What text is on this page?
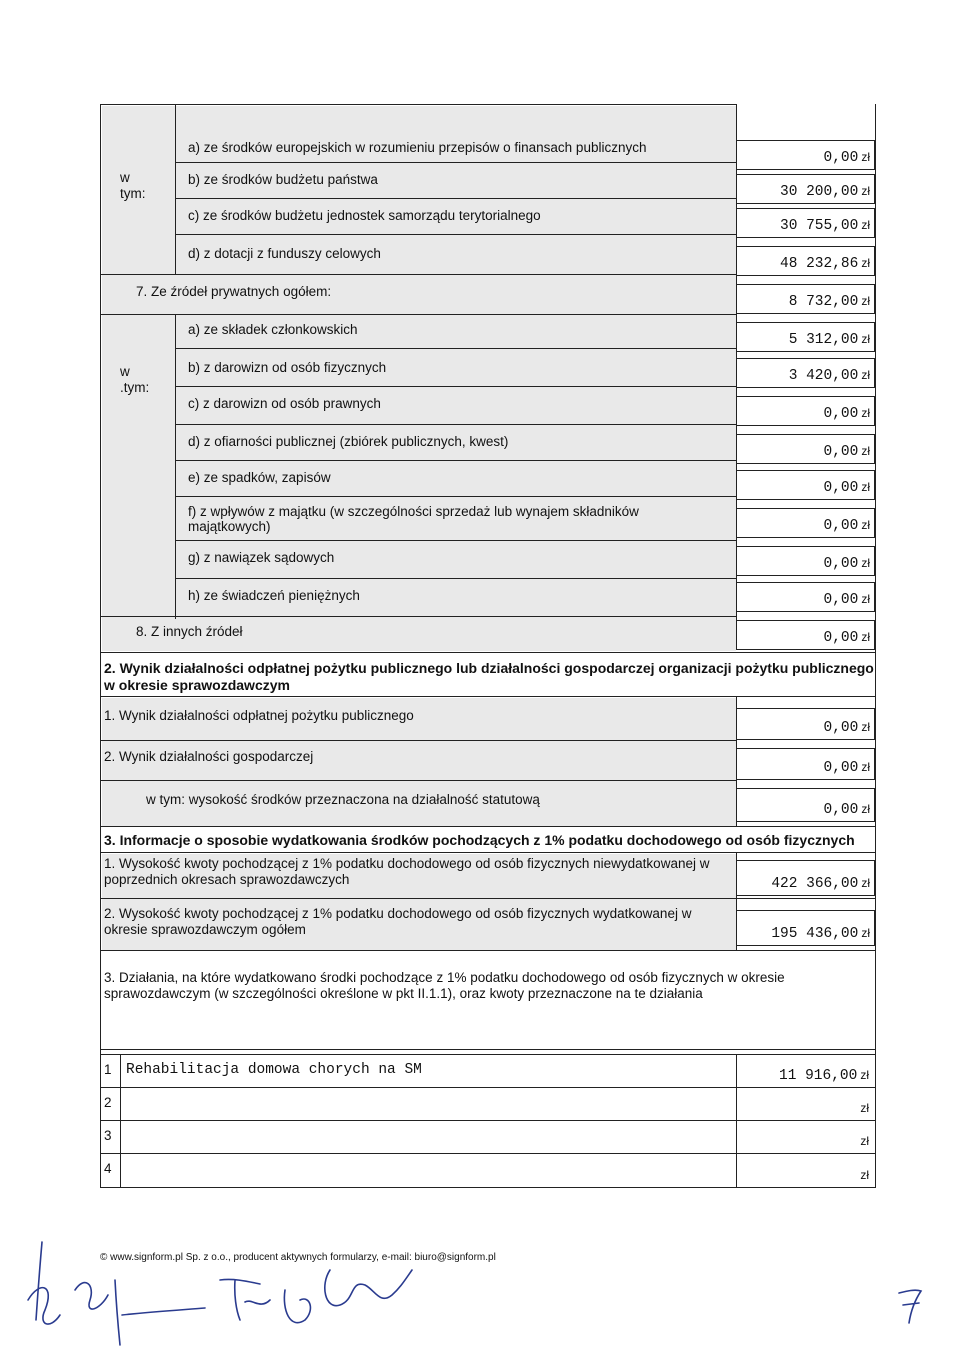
w
tym:
a) ze środków europejskich w rozumieniu przepisów o finansach publicznych
b) ze środków budżetu państwa
c) ze środków budżetu jednostek samorządu terytorialnego
d) z dotacji z funduszy celowych
7. Ze źródeł prywatnych ogółem:
w
.tym:
a) ze składek członkowskich
b) z darowizn od osób fizycznych
c) z darowizn od osób prawnych
d) z ofiarności publicznej (zbiórek publicznych, kwest)
e) ze spadków, zapisów
f) z wpływów z majątku (w szczególności sprzedaż lub wynajem składników majątkowych)
g) z nawiązek sądowych
h) ze świadczeń pieniężnych
8. Z innych źródeł
0,00 zł
30 200,00 zł
30 755,00 zł
48 232,86 zł
8 732,00 zł
5 312,00 zł
3 420,00 zł
0,00 zł
0,00 zł
0,00 zł
0,00 zł
0,00 zł
0,00 zł
0,00 zł
2. Wynik działalności odpłatnej pożytku publicznego lub działalności gospodarczej organizacji pożytku publicznego w okresie sprawozdawczym
1. Wynik działalności odpłatnej pożytku publicznego
2. Wynik działalności gospodarczej
w tym: wysokość środków przeznaczona na działalność statutową
0,00 zł
0,00 zł
0,00 zł
3. Informacje o sposobie wydatkowania środków pochodzących z 1% podatku dochodowego od osób fizycznych
1. Wysokość kwoty pochodzącej z 1% podatku dochodowego od osób fizycznych niewydatkowanej w poprzednich okresach sprawozdawczych
2. Wysokość kwoty pochodzącej z 1% podatku dochodowego od osób fizycznych wydatkowanej w okresie sprawozdawczym ogółem
422 366,00 zł
195 436,00 zł
3. Działania, na które wydatkowano środki pochodzące z 1% podatku dochodowego od osób fizycznych w okresie sprawozdawczym (w szczególności określone w pkt II.1.1), oraz kwoty przeznaczone na te działania
1
2
3
4
Rehabilitacja domowa chorych na SM	11 916,00 zł
zł
zł
zł
© www.signform.pl Sp. z o.o., producent aktywnych formularzy, e-mail: biuro@signform.pl
